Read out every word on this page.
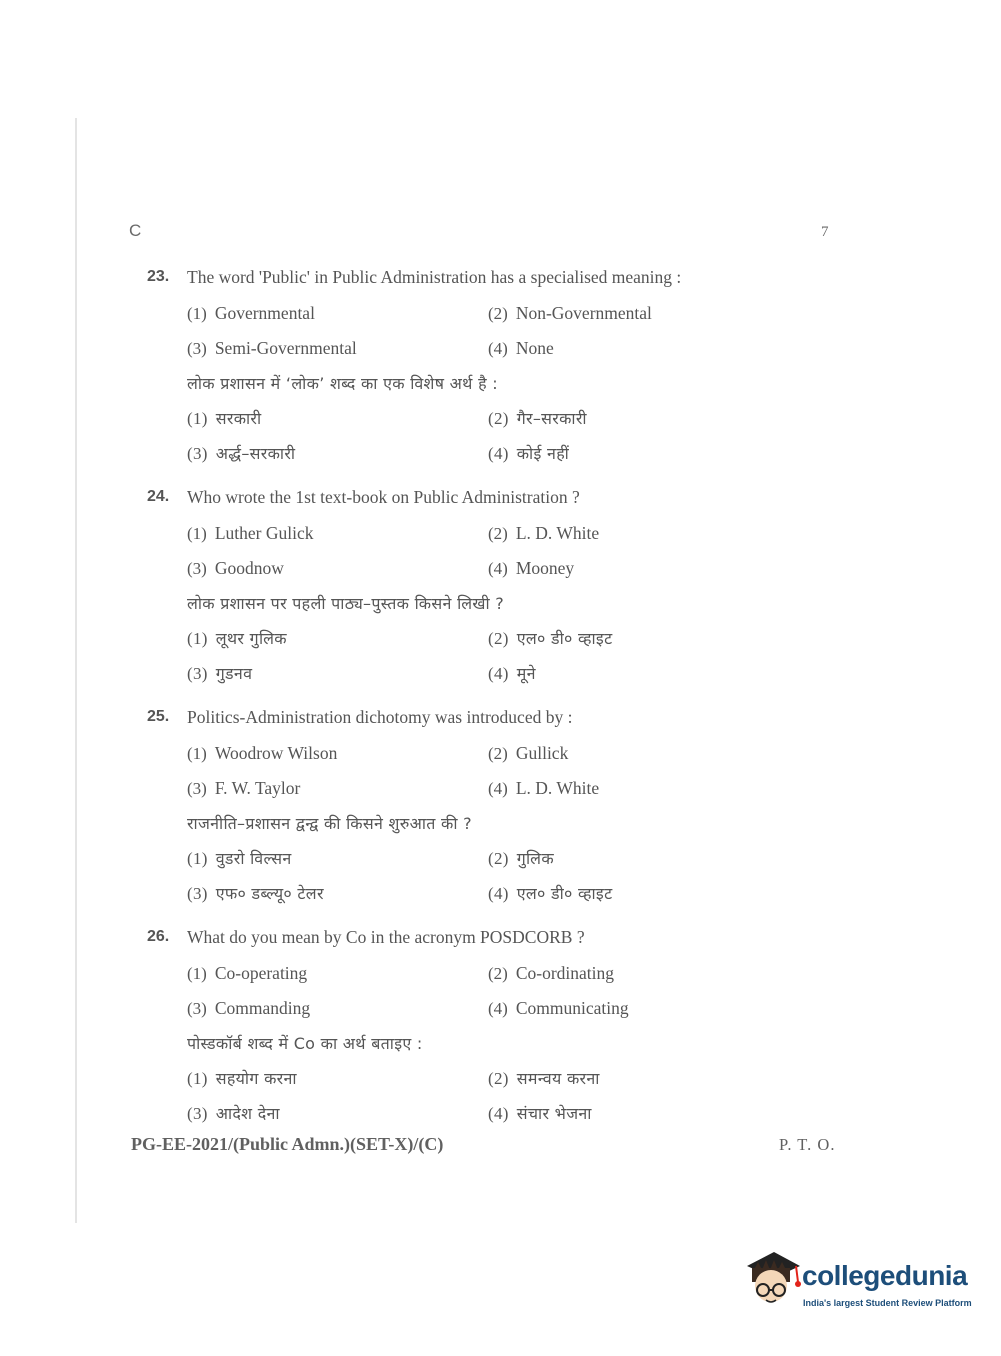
C	7
23. The word 'Public' in Public Administration has a specialised meaning :
(1) Governmental	(2) Non-Governmental
(3) Semi-Governmental	(4) None
लोक प्रशासन में ‘लोक’ शब्द का एक विशेष अर्थ है :
(1) सरकारी	(2) गैर–सरकारी
(3) अर्द्ध–सरकारी	(4) कोई नहीं
24. Who wrote the 1st text-book on Public Administration ?
(1) Luther Gulick	(2) L. D. White
(3) Goodnow	(4) Mooney
लोक प्रशासन पर पहली पाठ्य–पुस्तक किसने लिखी ?
(1) लूथर गुलिक	(2) एल० डी० व्हाइट
(3) गुडनव	(4) मूने
25. Politics-Administration dichotomy was introduced by :
(1) Woodrow Wilson	(2) Gullick
(3) F. W. Taylor	(4) L. D. White
राजनीति–प्रशासन द्वन्द्व की किसने शुरुआत की ?
(1) वुडरो विल्सन	(2) गुलिक
(3) एफ० डब्ल्यू० टेलर	(4) एल० डी० व्हाइट
26. What do you mean by Co in the acronym POSDCORB ?
(1) Co-operating	(2) Co-ordinating
(3) Commanding	(4) Communicating
पोस्डकॉर्ब शब्द में Co का अर्थ बताइए :
(1) सहयोग करना	(2) समन्वय करना
(3) आदेश देना	(4) संचार भेजना
PG-EE-2021/(Public Admn.)(SET-X)/(C)	P. T. O.
collegedunia
India's largest Student Review Platform
